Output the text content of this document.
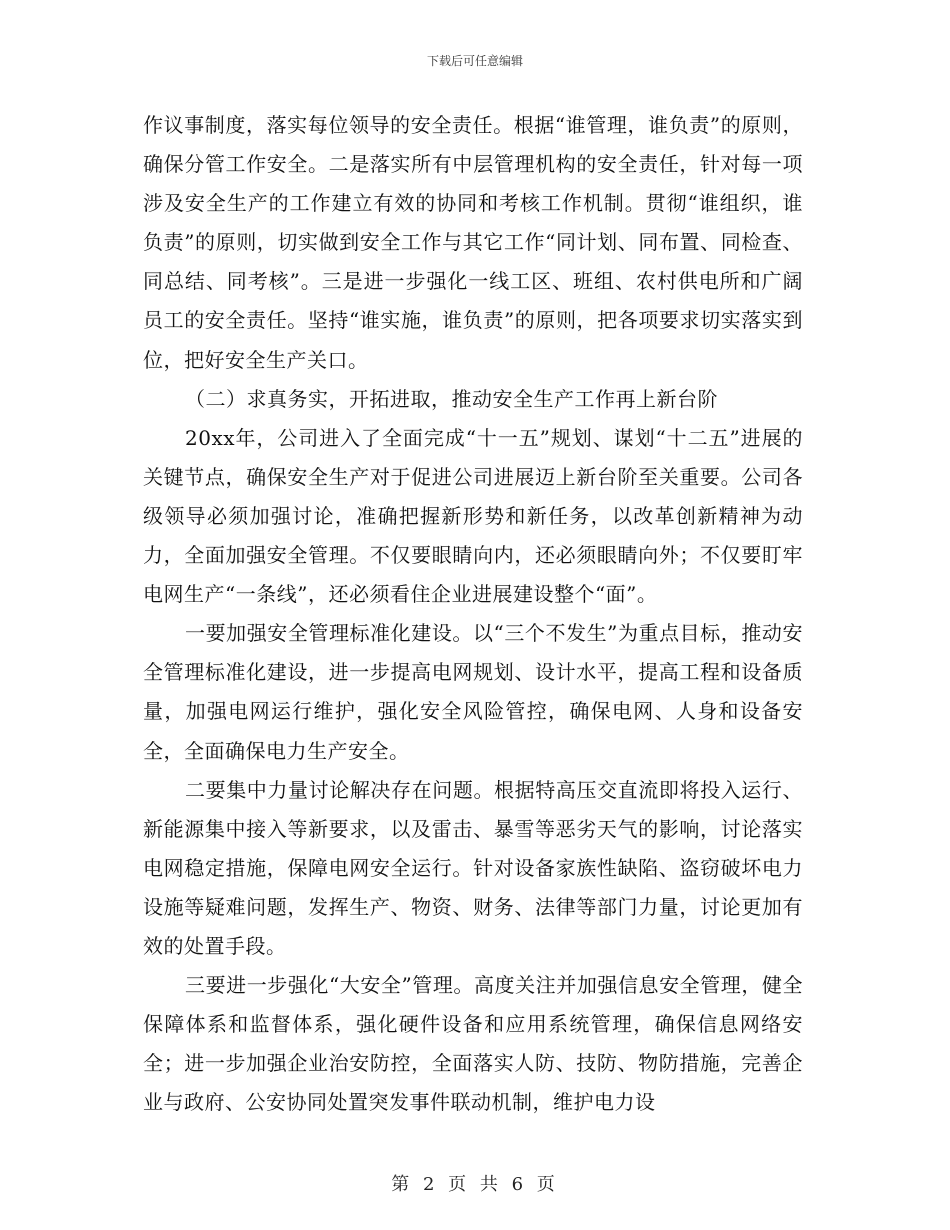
下载后可任意编辑

作议事制度，落实每位领导的安全责任。根据“谁管理，谁负责”的原则，确保分管工作安全。二是落实所有中层管理机构的安全责任，针对每一项涉及安全生产的工作建立有效的协同和考核工作机制。贯彻“谁组织，谁负责”的原则，切实做到安全工作与其它工作“同计划、同布置、同检查、同总结、同考核”。三是进一步强化一线工区、班组、农村供电所和广阔员工的安全责任。坚持“谁实施，谁负责”的原则，把各项要求切实落实到位，把好安全生产关口。

（二）求真务实，开拓进取，推动安全生产工作再上新台阶

20xx年，公司进入了全面完成“十一五”规划、谋划“十二五”进展的关键节点，确保安全生产对于促进公司进展迈上新台阶至关重要。公司各级领导必须加强讨论，准确把握新形势和新任务，以改革创新精神为动力，全面加强安全管理。不仅要眼睛向内，还必须眼睛向外；不仅要盯牢电网生产“一条线”，还必须看住企业进展建设整个“面”。

一要加强安全管理标准化建设。以“三个不发生”为重点目标，推动安全管理标准化建设，进一步提高电网规划、设计水平，提高工程和设备质量，加强电网运行维护，强化安全风险管控，确保电网、人身和设备安全，全面确保电力生产安全。

二要集中力量讨论解决存在问题。根据特高压交直流即将投入运行、新能源集中接入等新要求，以及雷击、暴雪等恶劣天气的影响，讨论落实电网稳定措施，保障电网安全运行。针对设备家族性缺陷、盗窃破坏电力设施等疑难问题，发挥生产、物资、财务、法律等部门力量，讨论更加有效的处置手段。

三要进一步强化“大安全”管理。高度关注并加强信息安全管理，健全保障体系和监督体系，强化硬件设备和应用系统管理，确保信息网络安全；进一步加强企业治安防控，全面落实人防、技防、物防措施，完善企业与政府、公安协同处置突发事件联动机制，维护电力设

第 2 页 共 6 页
